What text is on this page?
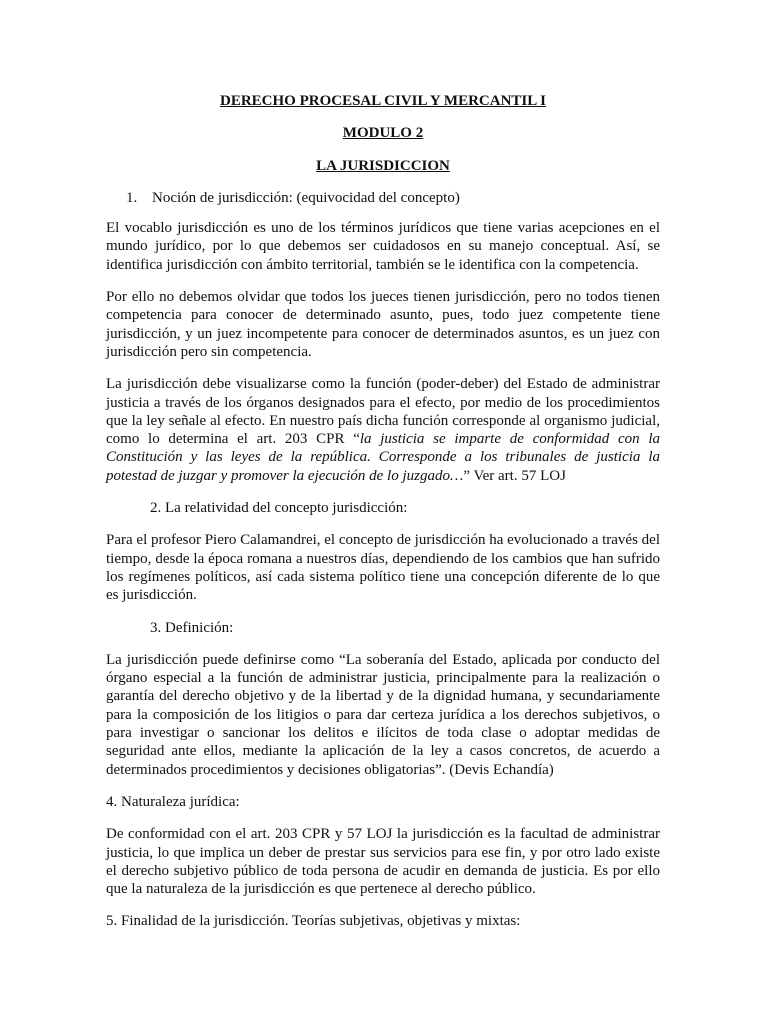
DERECHO PROCESAL CIVIL Y MERCANTIL I
MODULO 2
LA JURISDICCION
1. Noción de jurisdicción: (equivocidad del concepto)

El vocablo jurisdicción es uno de los términos jurídicos que tiene varias acepciones en el mundo jurídico, por lo que debemos ser cuidadosos en su manejo conceptual. Así, se identifica jurisdicción con ámbito territorial, también se le identifica con la competencia.

Por ello no debemos olvidar que todos los jueces tienen jurisdicción, pero no todos tienen competencia para conocer de determinado asunto, pues, todo juez competente tiene jurisdicción, y un juez incompetente para conocer de determinados asuntos, es un juez con jurisdicción pero sin competencia.

La jurisdicción debe visualizarse como la función (poder-deber) del Estado de administrar justicia a través de los órganos designados para el efecto, por medio de los procedimientos que la ley señale al efecto. En nuestro país dicha función corresponde al organismo judicial, como lo determina el art. 203 CPR “la justicia se imparte de conformidad con la Constitución y las leyes de la república. Corresponde a los tribunales de justicia la potestad de juzgar y promover la ejecución de lo juzgado…” Ver art. 57 LOJ

2. La relatividad del concepto jurisdicción:

Para el profesor Piero Calamandrei, el concepto de jurisdicción ha evolucionado a través del tiempo, desde la época romana a nuestros días, dependiendo de los cambios que han sufrido los regímenes políticos, así cada sistema político tiene una concepción diferente de lo que es jurisdicción.

3. Definición:

La jurisdicción puede definirse como “La soberanía del Estado, aplicada por conducto del órgano especial a la función de administrar justicia, principalmente para la realización o garantía del derecho objetivo y de la libertad y de la dignidad humana, y secundariamente para la composición de los litigios o para dar certeza jurídica a los derechos subjetivos, o para investigar o sancionar los delitos e ilícitos de toda clase o adoptar medidas de seguridad ante ellos, mediante la aplicación de la ley a casos concretos, de acuerdo a determinados procedimientos y decisiones obligatorias”. (Devis Echandía)

4. Naturaleza jurídica:

De conformidad con el art. 203 CPR y 57 LOJ la jurisdicción es la facultad de administrar justicia, lo que implica un deber de prestar sus servicios para ese fin, y por otro lado existe el derecho subjetivo público de toda persona de acudir en demanda de justicia. Es por ello que la naturaleza de la jurisdicción es que pertenece al derecho público.

5. Finalidad de la jurisdicción. Teorías subjetivas, objetivas y mixtas:
